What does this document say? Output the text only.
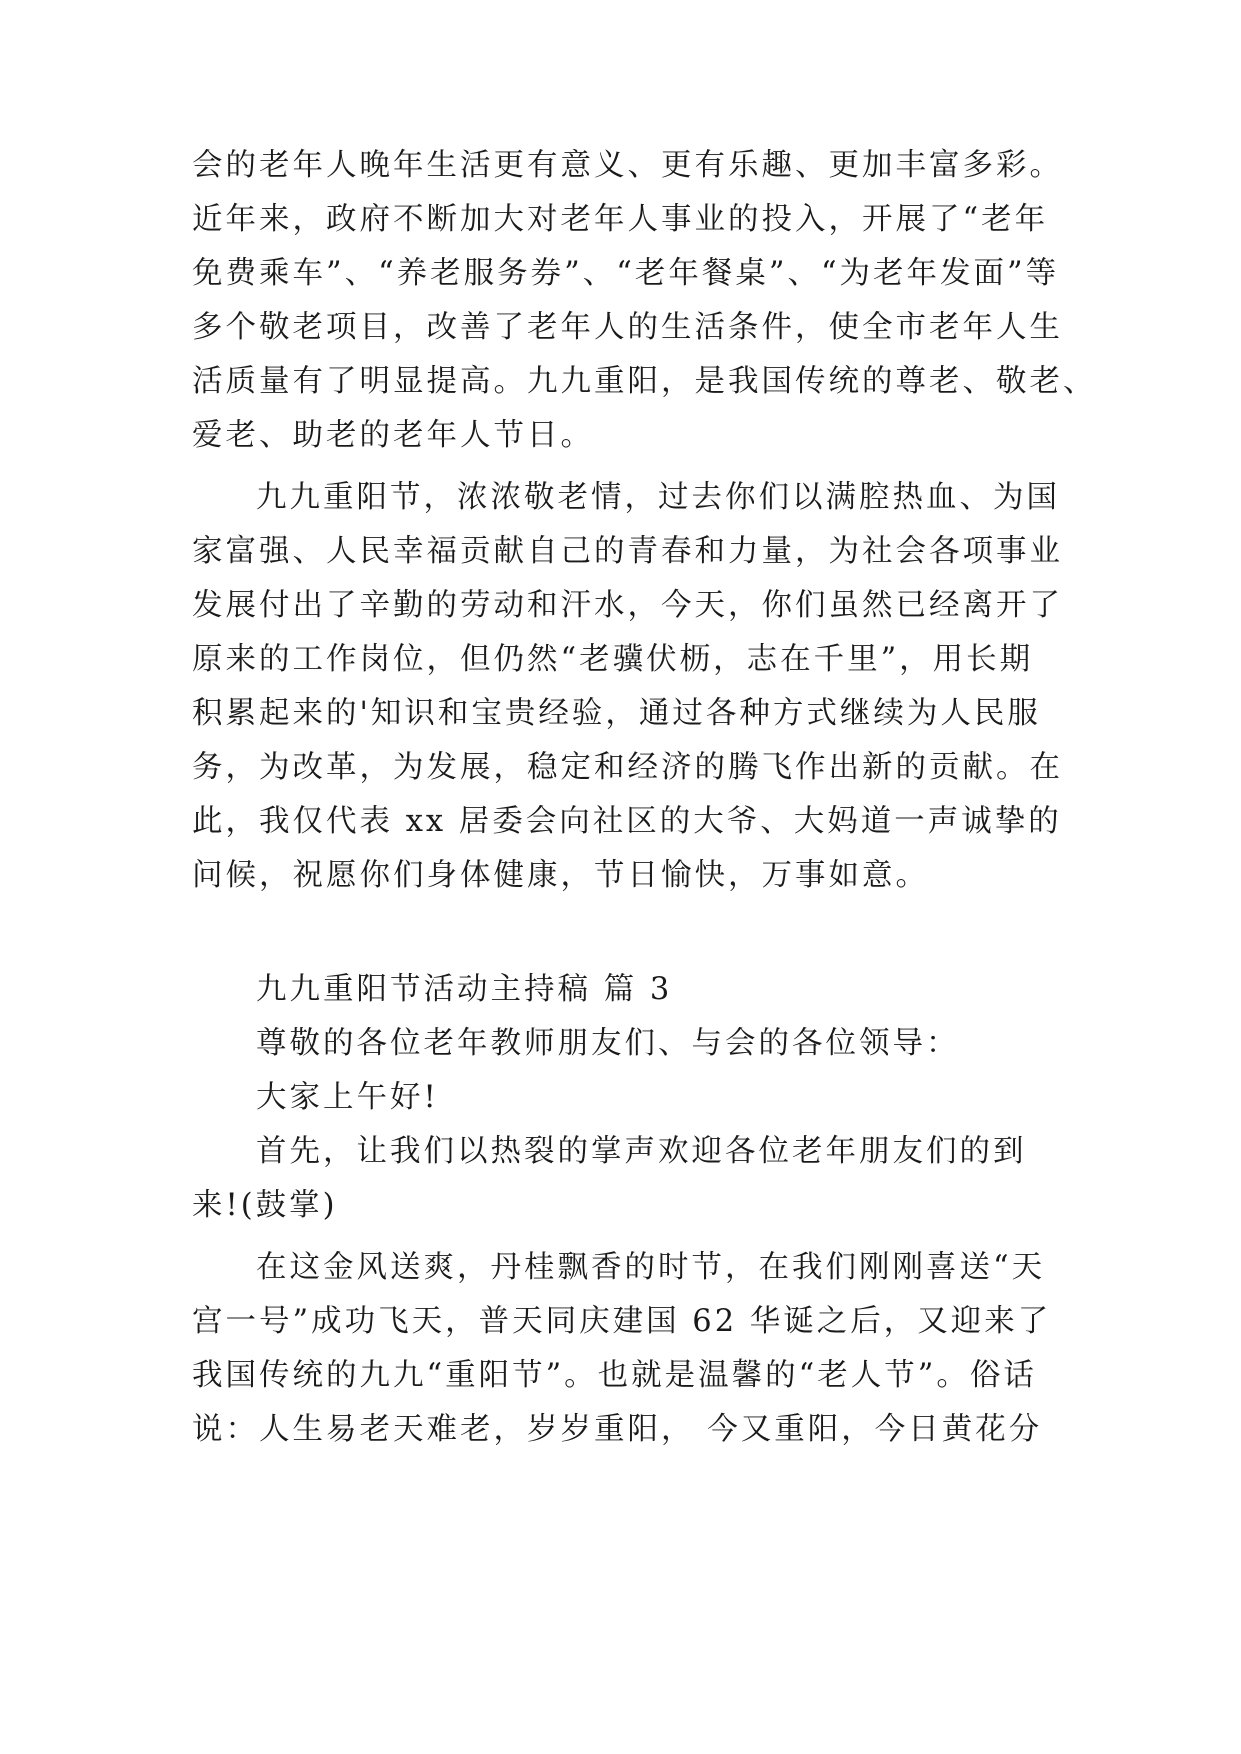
会的老年人晚年生活更有意义、更有乐趣、更加丰富多彩。
近年来，政府不断加大对老年人事业的投入，开展了“老年
免费乘车”、“养老服务券”、“老年餐桌”、“为老年发面”等
多个敬老项目，改善了老年人的生活条件，使全市老年人生
活质量有了明显提高。九九重阳，是我国传统的尊老、敬老、
爱老、助老的老年人节日。
九九重阳节，浓浓敬老情，过去你们以满腔热血、为国
家富强、人民幸福贡献自己的青春和力量，为社会各项事业
发展付出了辛勤的劳动和汗水，今天，你们虽然已经离开了
原来的工作岗位，但仍然“老骥伏枥，志在千里”，用长期
积累起来的'知识和宝贵经验，通过各种方式继续为人民服
务，为改革，为发展，稳定和经济的腾飞作出新的贡献。在
此，我仅代表 xx 居委会向社区的大爷、大妈道一声诚挚的
问候，祝愿你们身体健康，节日愉快，万事如意。
九九重阳节活动主持稿 篇 3
尊敬的各位老年教师朋友们、与会的各位领导：
大家上午好!
首先，让我们以热裂的掌声欢迎各位老年朋友们的到
来!(鼓掌)
在这金风送爽，丹桂飘香的时节，在我们刚刚喜送“天
宫一号”成功飞天，普天同庆建国 62 华诞之后，又迎来了
我国传统的九九“重阳节”。也就是温馨的“老人节”。俗话
说：人生易老天难老，岁岁重阳， 今又重阳，今日黄花分
